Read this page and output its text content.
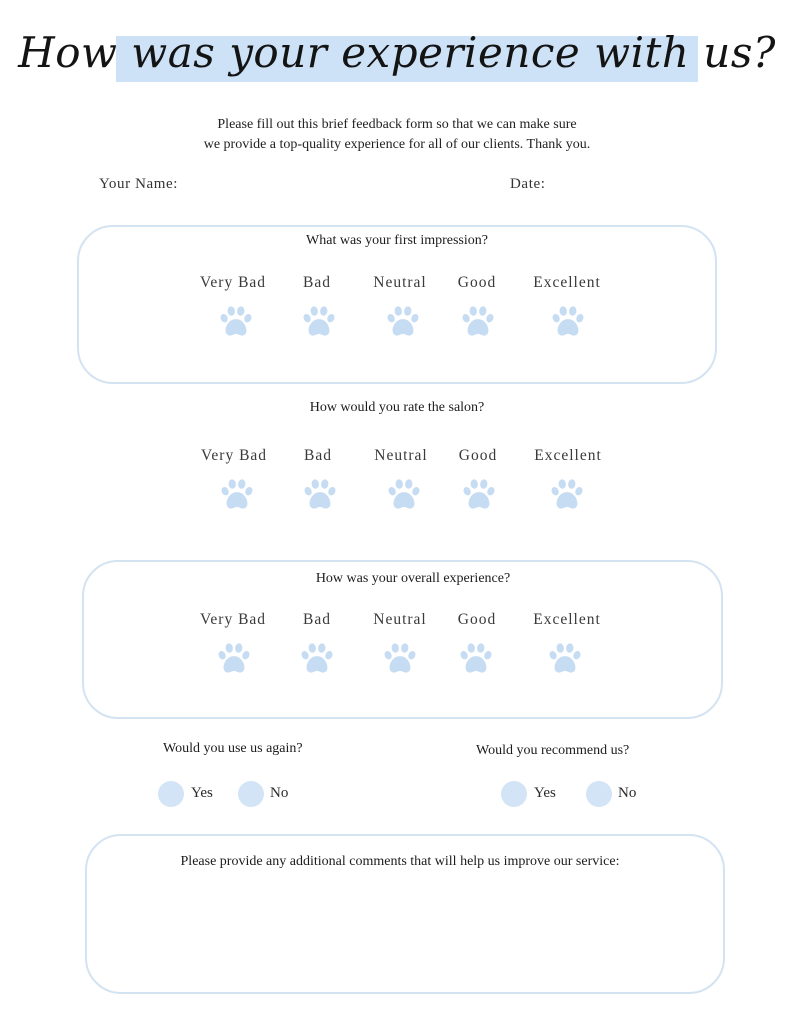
How was your experience with us?
Please fill out this brief feedback form so that we can make sure
we provide a top-quality experience for all of our clients. Thank you.
Your Name:	Date:
What was your first impression?
Very Bad Bad	Neutral Good Excellent
How would you rate the salon?
Very Bad Bad	Neutral Good Excellent
How was your overall experience?
Very Bad Bad	Neutral Good Excellent
Would you use us again?
Yes	No
Would you recommend us?
Yes	No
Please provide any additional comments that will help us improve our service:
